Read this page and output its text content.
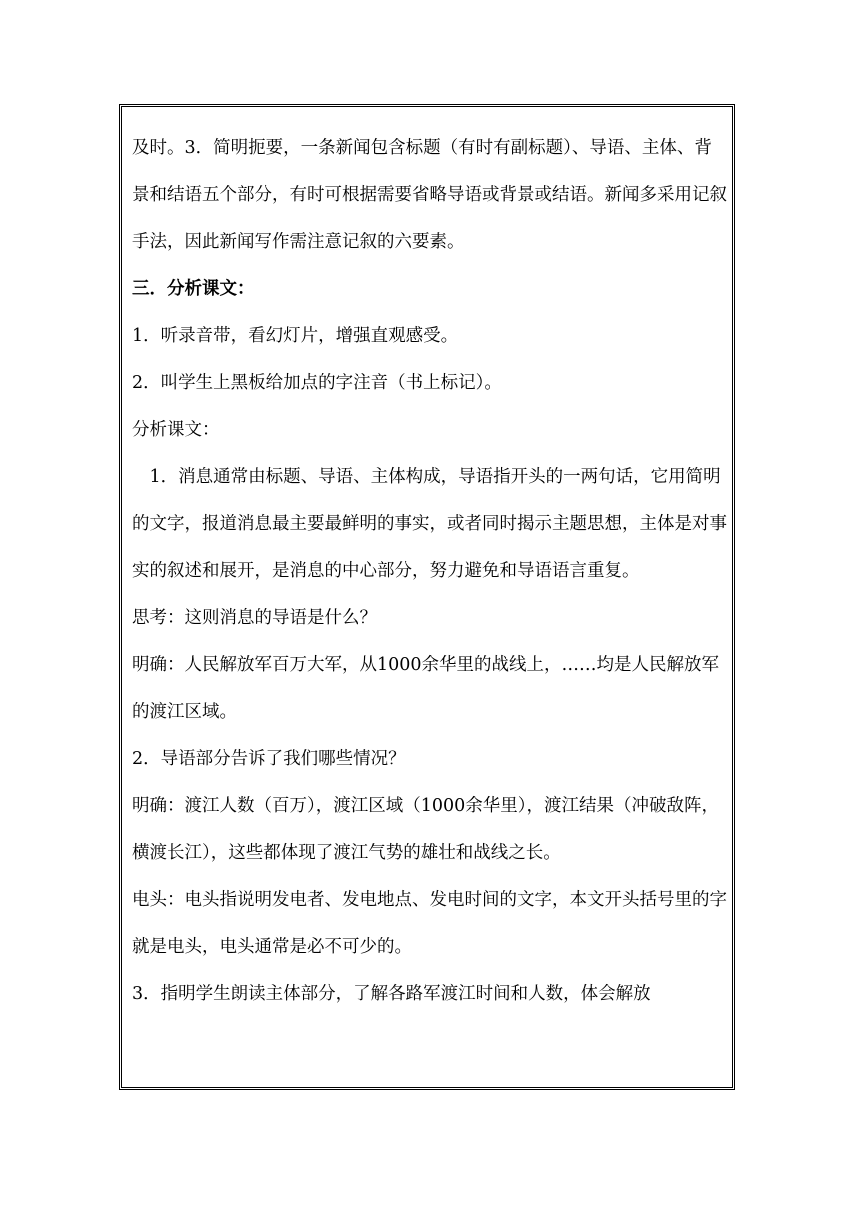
及时。3．简明扼要，一条新闻包含标题（有时有副标题）、导语、主体、背景和结语五个部分，有时可根据需要省略导语或背景或结语。新闻多采用记叙手法，因此新闻写作需注意记叙的六要素。

三．分析课文：

1．听录音带，看幻灯片，增强直观感受。

2．叫学生上黑板给加点的字注音（书上标记）。

分析课文：

1．消息通常由标题、导语、主体构成，导语指开头的一两句话，它用简明的文字，报道消息最主要最鲜明的事实，或者同时揭示主题思想，主体是对事实的叙述和展开，是消息的中心部分，努力避免和导语语言重复。

思考：这则消息的导语是什么？

明确：人民解放军百万大军，从1000余华里的战线上，……均是人民解放军的渡江区域。

2．导语部分告诉了我们哪些情况？

明确：渡江人数（百万），渡江区域（1000余华里），渡江结果（冲破敌阵，横渡长江），这些都体现了渡江气势的雄壮和战线之长。

电头：电头指说明发电者、发电地点、发电时间的文字，本文开头括号里的字就是电头，电头通常是必不可少的。

3．指明学生朗读主体部分，了解各路军渡江时间和人数，体会解放
